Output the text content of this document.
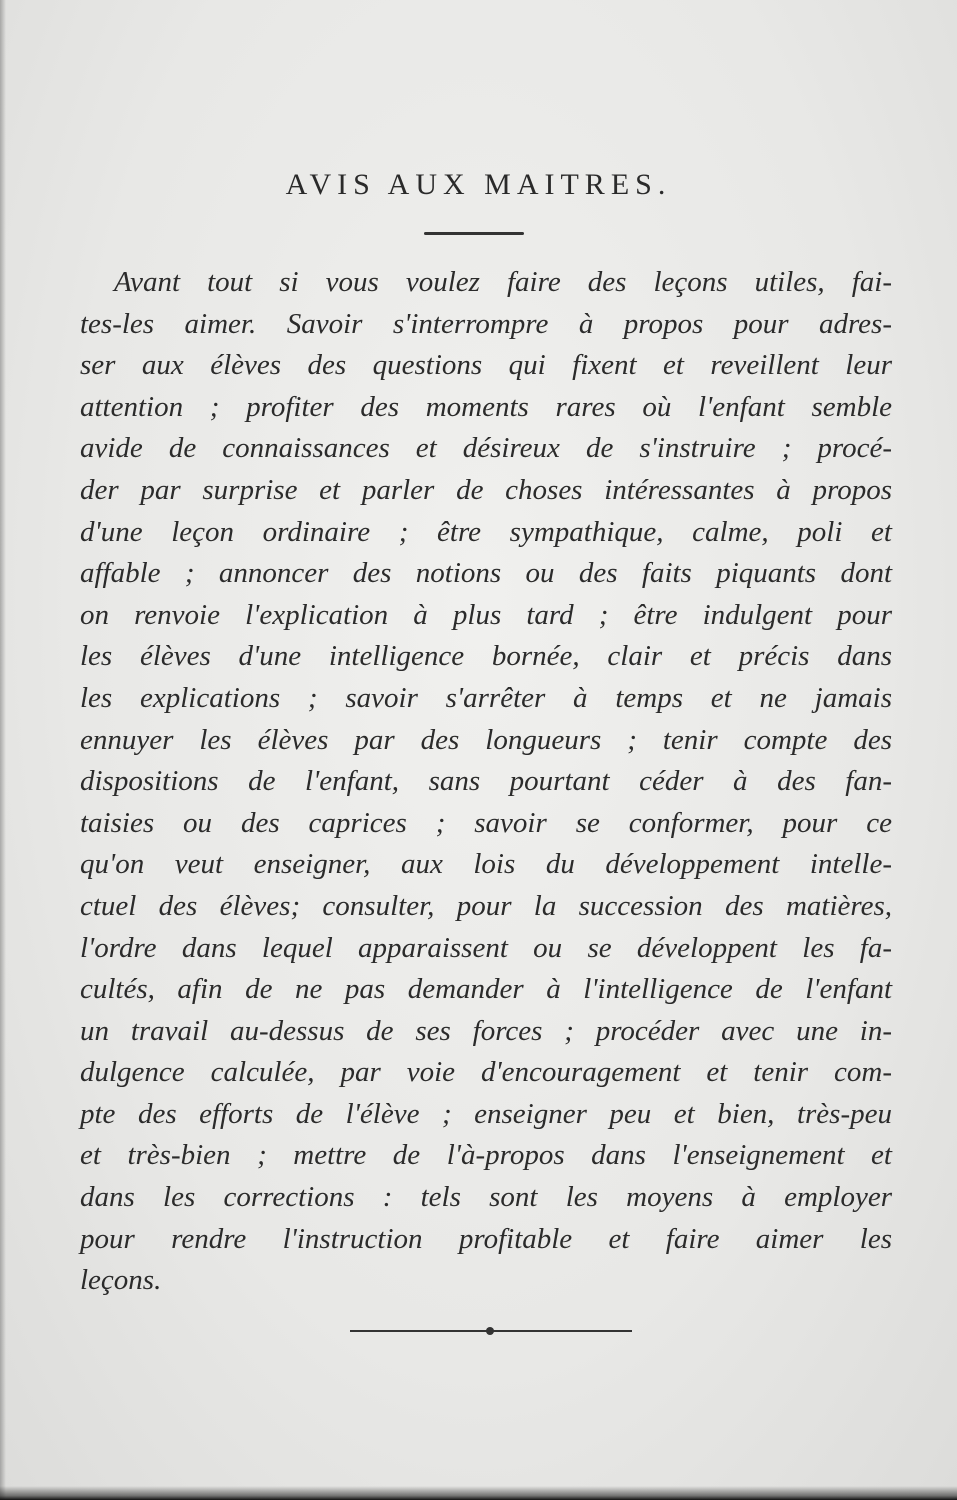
AVIS AUX MAITRES.

Avant tout si vous voulez faire des leçons utiles, fai-
tes-les aimer. Savoir s'interrompre à propos pour adres-
ser aux élèves des questions qui fixent et reveillent leur
attention ; profiter des moments rares où l'enfant semble
avide de connaissances et désireux de s'instruire ; procé-
der par surprise et parler de choses intéressantes à propos
d'une leçon ordinaire ; être sympathique, calme, poli et
affable ; annoncer des notions ou des faits piquants dont
on renvoie l'explication à plus tard ; être indulgent pour
les élèves d'une intelligence bornée, clair et précis dans
les explications ; savoir s'arrêter à temps et ne jamais
ennuyer les élèves par des longueurs ; tenir compte des
dispositions de l'enfant, sans pourtant céder à des fan-
taisies ou des caprices ; savoir se conformer, pour ce
qu'on veut enseigner, aux lois du développement intelle-
ctuel des élèves; consulter, pour la succession des matières,
l'ordre dans lequel apparaissent ou se développent les fa-
cultés, afin de ne pas demander à l'intelligence de l'enfant
un travail au-dessus de ses forces ; procéder avec une in-
dulgence calculée, par voie d'encouragement et tenir com-
pte des efforts de l'élève ; enseigner peu et bien, très-peu
et très-bien ; mettre de l'à-propos dans l'enseignement et
dans les corrections : tels sont les moyens à employer
pour rendre l'instruction profitable et faire aimer les
leçons.
